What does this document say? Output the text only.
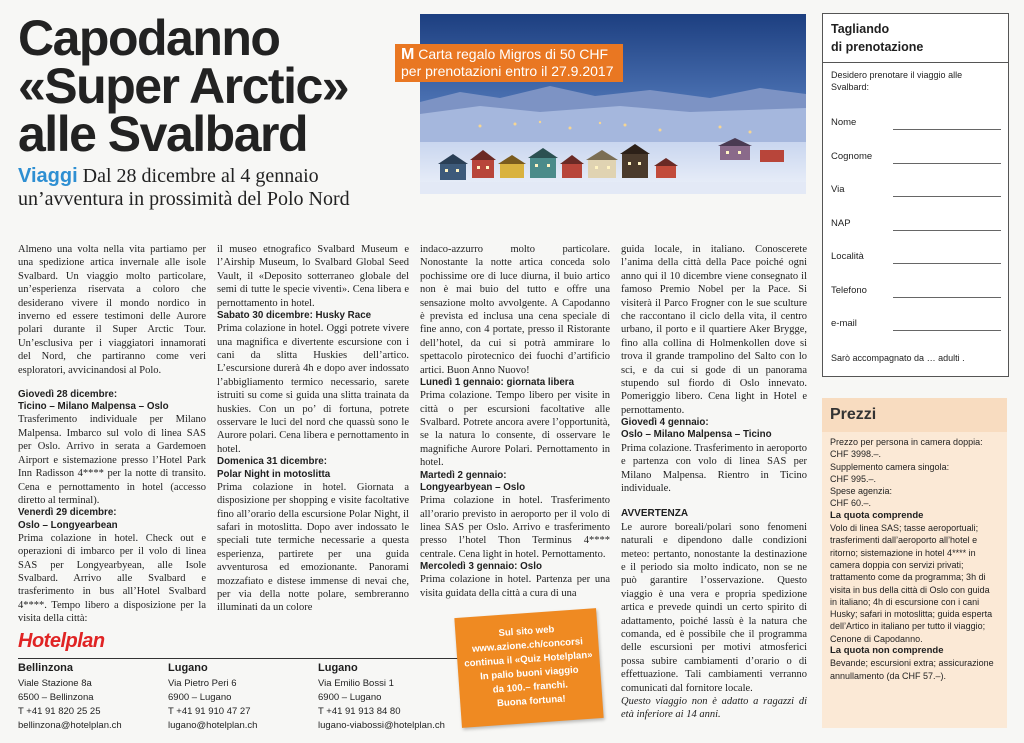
Capodanno
«Super Arctic»
alle Svalbard
Viaggi Dal 28 dicembre al 4 gennaio
un’avventura in prossimità del Polo Nord
M Carta regalo Migros di 50 CHF
per prenotazioni entro il 27.9.2017

Almeno una volta nella vita partiamo per una spedizione artica invernale alle isole Svalbard. Un viaggio molto particolare, un’esperienza riservata a coloro che desiderano vivere il mondo nordico in inverno ed essere testimoni delle Aurore polari durante il Super Arctic Tour. Un’esclusiva per i viaggiatori innamorati del Nord, che partiranno come veri esploratori, avvicinandosi al Polo.

Giovedì 28 dicembre:
Ticino – Milano Malpensa – Oslo

Trasferimento individuale per Milano Malpensa. Imbarco sul volo di linea SAS per Oslo. Arrivo in serata a Gardemoen Airport e sistemazione presso l’Hotel Park Inn Radisson 4**** per la notte di transito. Cena e pernottamento in hotel (accesso diretto al terminal).

Venerdì 29 dicembre:
Oslo – Longyearbean

Prima colazione in hotel. Check out e operazioni di imbarco per il volo di linea SAS per Longyearbyean, alle Isole Svalbard. Arrivo alle Svalbard e trasferimento in bus all’Hotel Svalbard 4****. Tempo libero a disposizione per la visita della città:

il museo etnografico Svalbard Museum e l’Airship Museum, lo Svalbard Global Seed Vault, il «Deposito sotterraneo globale del semi di tutte le specie viventi». Cena libera e pernottamento in hotel.

Sabato 30 dicembre: Husky Race

Prima colazione in hotel. Oggi potrete vivere una magnifica e divertente escursione con i cani da slitta Huskies dell’artico. L’escursione durerà 4h e dopo aver indossato l’abbigliamento termico necessario, sarete istruiti su come si guida una slitta trainata da huskies. Con un po’ di fortuna, potrete osservare le luci del nord che quassù sono le Aurore polari. Cena libera e pernottamento in hotel.

Domenica 31 dicembre:
Polar Night in motoslitta

Prima colazione in hotel. Giornata a disposizione per shopping e visite facoltative fino all’orario della escursione Polar Night, il safari in motoslitta. Dopo aver indossato le speciali tute termiche necessarie a questa esperienza, partirete per una guida avventurosa ed emozionante. Panorami mozzafiato e distese immense di nevai che, per via della notte polare, sembreranno illuminati da un colore

indaco-azzurro molto particolare. Nonostante la notte artica conceda solo pochissime ore di luce diurna, il buio artico non è mai buio del tutto e offre una sensazione molto avvolgente. A Capodanno è prevista ed inclusa una cena speciale di fine anno, con 4 portate, presso il Ristorante dell’hotel, da cui si potrà ammirare lo spettacolo pirotecnico dei fuochi d’artificio artici. Buon Anno Nuovo!

Lunedì 1 gennaio: giornata libera

Prima colazione. Tempo libero per visite in città o per escursioni facoltative alle Svalbard. Potrete ancora avere l’opportunità, se la natura lo consente, di osservare le magnifiche Aurore Polari. Pernottamento in hotel.

Martedì 2 gennaio:
Longyearbyean – Oslo

Prima colazione in hotel. Trasferimento all’orario previsto in aeroporto per il volo di linea SAS per Oslo. Arrivo e trasferimento presso l’hotel Thon Terminus 4**** centrale. Cena light in hotel. Pernottamento.

Mercoledì 3 gennaio: Oslo

Prima colazione in hotel. Partenza per una visita guidata della città a cura di una

guida locale, in italiano. Conoscerete l’anima della città della Pace poiché ogni anno qui il 10 dicembre viene consegnato il famoso Premio Nobel per la Pace. Si visiterà il Parco Frogner con le sue sculture che raccontano il ciclo della vita, il centro urbano, il porto e il quartiere Aker Brygge, fino alla collina di Holmenkollen dove si trova il grande trampolino del Salto con lo sci, e da cui si gode di un panorama stupendo sul fiordo di Oslo innevato. Pomeriggio libero. Cena light in Hotel e pernottamento.

Giovedì 4 gennaio:
Oslo – Milano Malpensa – Ticino

Prima colazione. Trasferimento in aeroporto e partenza con volo di linea SAS per Milano Malpensa. Rientro in Ticino individuale.

AVVERTENZA

Le aurore boreali/polari sono fenomeni naturali e dipendono dalle condizioni meteo: pertanto, nonostante la destinazione e il periodo sia molto indicato, non se ne può garantire l’osservazione. Questo viaggio è una vera e propria spedizione artica e prevede quindi un certo spirito di adattamento, poiché lassù è la natura che comanda, ed è possibile che il programma delle escursioni per motivi atmosferici possa subire cambiamenti d’orario o di effettuazione. Tali cambiamenti verranno comunicati dal fornitore locale.

Questo viaggio non è adatto a ragazzi di età inferiore ai 14 anni.

Tagliando
di prenotazione
Desidero prenotare il viaggio alle Svalbard:
Nome
Cognome
Via
NAP
Località
Telefono
e-mail
Sarò accompagnato da … adulti .
Prezzi

Prezzo per persona in camera doppia:

CHF 3998.–.

Supplemento camera singola:

CHF 995.–.

Spese agenzia:

CHF 60.–.

La quota comprende

Volo di linea SAS; tasse aeroportuali; trasferimenti dall’aeroporto all’hotel e ritorno; sistemazione in hotel 4**** in camera doppia con servizi privati; trattamento come da programma; 3h di visita in bus della città di Oslo con guida in italiano; 4h di escursione con i cani Husky; safari in motoslitta; guida esperta dell’Artico in italiano per tutto il viaggio; Cenone di Capodanno.

La quota non comprende

Bevande; escursioni extra; assicurazione annullamento (da CHF 57.–).

Hotelplan
Bellinzona
Viale Stazione 8a
6500 – Bellinzona
T +41 91 820 25 25
bellinzona@hotelplan.ch
Lugano
Via Pietro Peri 6
6900 – Lugano
T +41 91 910 47 27
lugano@hotelplan.ch
Lugano
Via Emilio Bossi 1
6900 – Lugano
T +41 91 913 84 80
lugano-viabossi@hotelplan.ch
Sul sito web
www.azione.ch/concorsi
continua il «Quiz Hotelplan»
In palio buoni viaggio
da 100.– franchi.
Buona fortuna!
